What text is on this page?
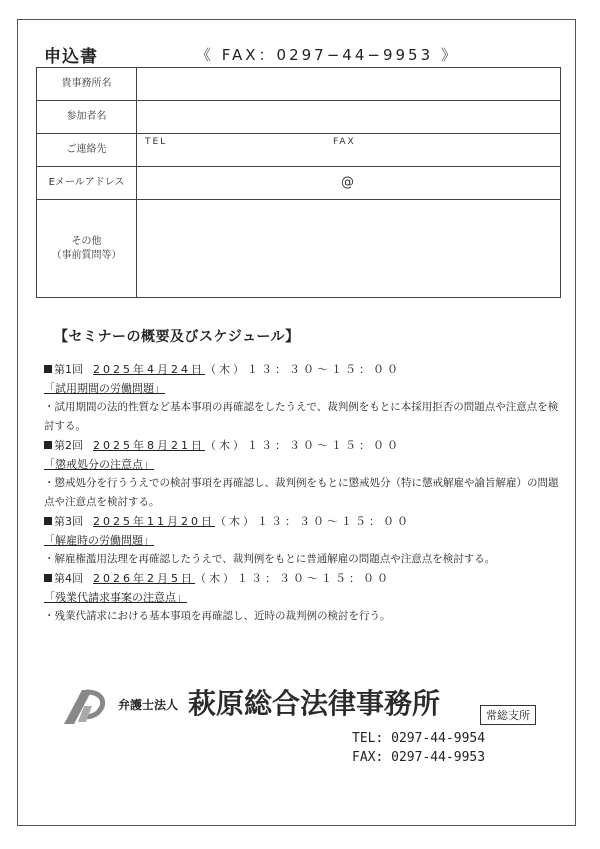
申込書	《 FAX：0297−44−9953 》
貴事務所名	
参加者名	
ご連絡先	TEL FAX

Eメールアドレス	@

その他
（事前質問等）	

【セミナーの概要及びスケジュール】
第1回 2025年4月24日（木）１３：３０〜１５：００
「試用期間の労働問題」
・試用期間の法的性質など基本事項の再確認をしたうえで、裁判例をもとに本採用拒否の問題点や注意点を検討する。
第2回 2025年8月21日（木）１３：３０〜１５：００
「懲戒処分の注意点」
・懲戒処分を行ううえでの検討事項を再確認し、裁判例をもとに懲戒処分（特に懲戒解雇や諭旨解雇）の問題点や注意点を検討する。
第3回 2025年11月20日（木）１３：３０〜１５：００
「解雇時の労働問題」
・解雇権濫用法理を再確認したうえで、裁判例をもとに普通解雇の問題点や注意点を検討する。
第4回 2026年2月5日（木）１３：３０〜１５：００
「残業代請求事案の注意点」
・残業代請求における基本事項を再確認し、近時の裁判例の検討を行う。
弁護士法人 萩原総合法律事務所	常総支所
TEL: 0297-44-9954
FAX: 0297-44-9953
